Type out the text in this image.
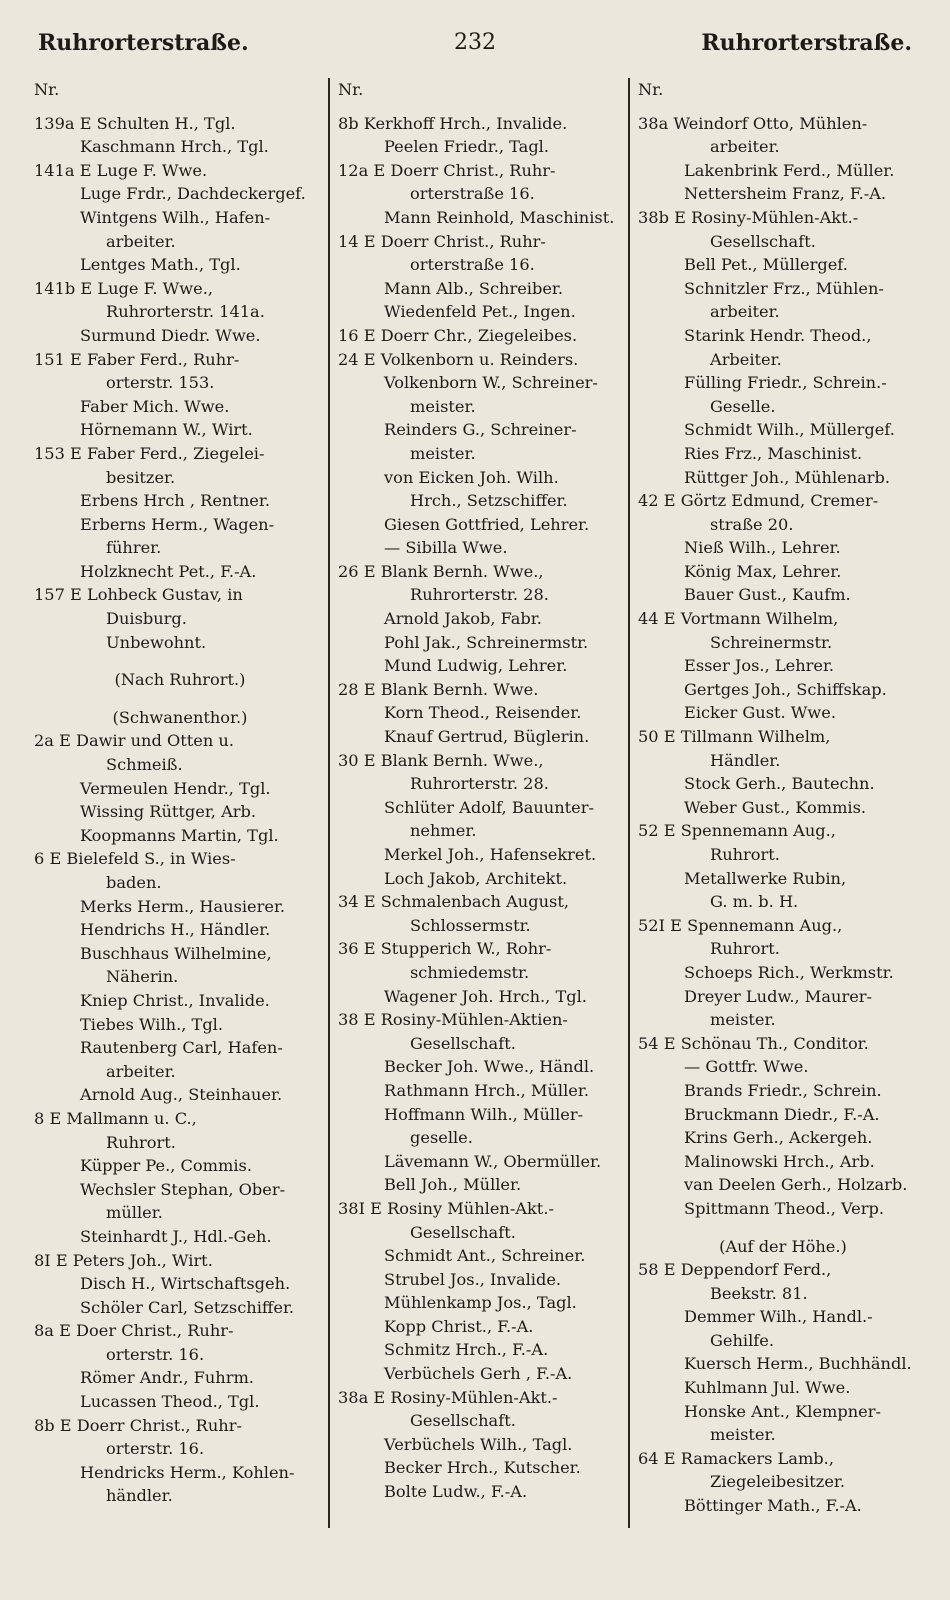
Ruhrorterstraße.	232	Ruhrorterstraße.
Nr.
139a E Schulten H., Tgl.
Kaschmann Hrch., Tgl.
141a E Luge F. Wwe.
Luge Frdr., Dachdeckergef.
Wintgens Wilh., Hafen-
arbeiter.
Lentges Math., Tgl.
141b E Luge F. Wwe.,
Ruhrorterstr. 141a.
Surmund Diedr. Wwe.
151 E Faber Ferd., Ruhr-
orterstr. 153.
Faber Mich. Wwe.
Hörnemann W., Wirt.
153 E Faber Ferd., Ziegelei-
besitzer.
Erbens Hrch , Rentner.
Erberns Herm., Wagen-
führer.
Holzknecht Pet., F.-A.
157 E Lohbeck Gustav, in
Duisburg.
Unbewohnt.
(Nach Ruhrort.)
(Schwanenthor.)
2a E Dawir und Otten u.
Schmeiß.
Vermeulen Hendr., Tgl.
Wissing Rüttger, Arb.
Koopmanns Martin, Tgl.
6 E Bielefeld S., in Wies-
baden.
Merks Herm., Hausierer.
Hendrichs H., Händler.
Buschhaus Wilhelmine,
Näherin.
Kniep Christ., Invalide.
Tiebes Wilh., Tgl.
Rautenberg Carl, Hafen-
arbeiter.
Arnold Aug., Steinhauer.
8 E Mallmann u. C.,
Ruhrort.
Küpper Pe., Commis.
Wechsler Stephan, Ober-
müller.
Steinhardt J., Hdl.-Geh.
8I E Peters Joh., Wirt.
Disch H., Wirtschaftsgeh.
Schöler Carl, Setzschiffer.
8a E Doer Christ., Ruhr-
orterstr. 16.
Römer Andr., Fuhrm.
Lucassen Theod., Tgl.
8b E Doerr Christ., Ruhr-
orterstr. 16.
Hendricks Herm., Kohlen-
händler.
Nr.
8b Kerkhoff Hrch., Invalide.
Peelen Friedr., Tagl.
12a E Doerr Christ., Ruhr-
orterstraße 16.
Mann Reinhold, Maschinist.
14 E Doerr Christ., Ruhr-
orterstraße 16.
Mann Alb., Schreiber.
Wiedenfeld Pet., Ingen.
16 E Doerr Chr., Ziegeleibes.
24 E Volkenborn u. Reinders.
Volkenborn W., Schreiner-
meister.
Reinders G., Schreiner-
meister.
von Eicken Joh. Wilh.
Hrch., Setzschiffer.
Giesen Gottfried, Lehrer.
— Sibilla Wwe.
26 E Blank Bernh. Wwe.,
Ruhrorterstr. 28.
Arnold Jakob, Fabr.
Pohl Jak., Schreinermstr.
Mund Ludwig, Lehrer.
28 E Blank Bernh. Wwe.
Korn Theod., Reisender.
Knauf Gertrud, Büglerin.
30 E Blank Bernh. Wwe.,
Ruhrorterstr. 28.
Schlüter Adolf, Bauunter-
nehmer.
Merkel Joh., Hafensekret.
Loch Jakob, Architekt.
34 E Schmalenbach August,
Schlossermstr.
36 E Stupperich W., Rohr-
schmiedemstr.
Wagener Joh. Hrch., Tgl.
38 E Rosiny-Mühlen-Aktien-
Gesellschaft.
Becker Joh. Wwe., Händl.
Rathmann Hrch., Müller.
Hoffmann Wilh., Müller-
geselle.
Lävemann W., Obermüller.
Bell Joh., Müller.
38I E Rosiny Mühlen-Akt.-
Gesellschaft.
Schmidt Ant., Schreiner.
Strubel Jos., Invalide.
Mühlenkamp Jos., Tagl.
Kopp Christ., F.-A.
Schmitz Hrch., F.-A.
Verbüchels Gerh , F.-A.
38a E Rosiny-Mühlen-Akt.-
Gesellschaft.
Verbüchels Wilh., Tagl.
Becker Hrch., Kutscher.
Bolte Ludw., F.-A.
Nr.
38a Weindorf Otto, Mühlen-
arbeiter.
Lakenbrink Ferd., Müller.
Nettersheim Franz, F.-A.
38b E Rosiny-Mühlen-Akt.-
Gesellschaft.
Bell Pet., Müllergef.
Schnitzler Frz., Mühlen-
arbeiter.
Starink Hendr. Theod.,
Arbeiter.
Fülling Friedr., Schrein.-
Geselle.
Schmidt Wilh., Müllergef.
Ries Frz., Maschinist.
Rüttger Joh., Mühlenarb.
42 E Görtz Edmund, Cremer-
straße 20.
Nieß Wilh., Lehrer.
König Max, Lehrer.
Bauer Gust., Kaufm.
44 E Vortmann Wilhelm,
Schreinermstr.
Esser Jos., Lehrer.
Gertges Joh., Schiffskap.
Eicker Gust. Wwe.
50 E Tillmann Wilhelm,
Händler.
Stock Gerh., Bautechn.
Weber Gust., Kommis.
52 E Spennemann Aug.,
Ruhrort.
Metallwerke Rubin,
G. m. b. H.
52I E Spennemann Aug.,
Ruhrort.
Schoeps Rich., Werkmstr.
Dreyer Ludw., Maurer-
meister.
54 E Schönau Th., Conditor.
— Gottfr. Wwe.
Brands Friedr., Schrein.
Bruckmann Diedr., F.-A.
Krins Gerh., Ackergeh.
Malinowski Hrch., Arb.
van Deelen Gerh., Holzarb.
Spittmann Theod., Verp.
(Auf der Höhe.)
58 E Deppendorf Ferd.,
Beekstr. 81.
Demmer Wilh., Handl.-
Gehilfe.
Kuersch Herm., Buchhändl.
Kuhlmann Jul. Wwe.
Honske Ant., Klempner-
meister.
64 E Ramackers Lamb.,
Ziegeleibesitzer.
Böttinger Math., F.-A.
